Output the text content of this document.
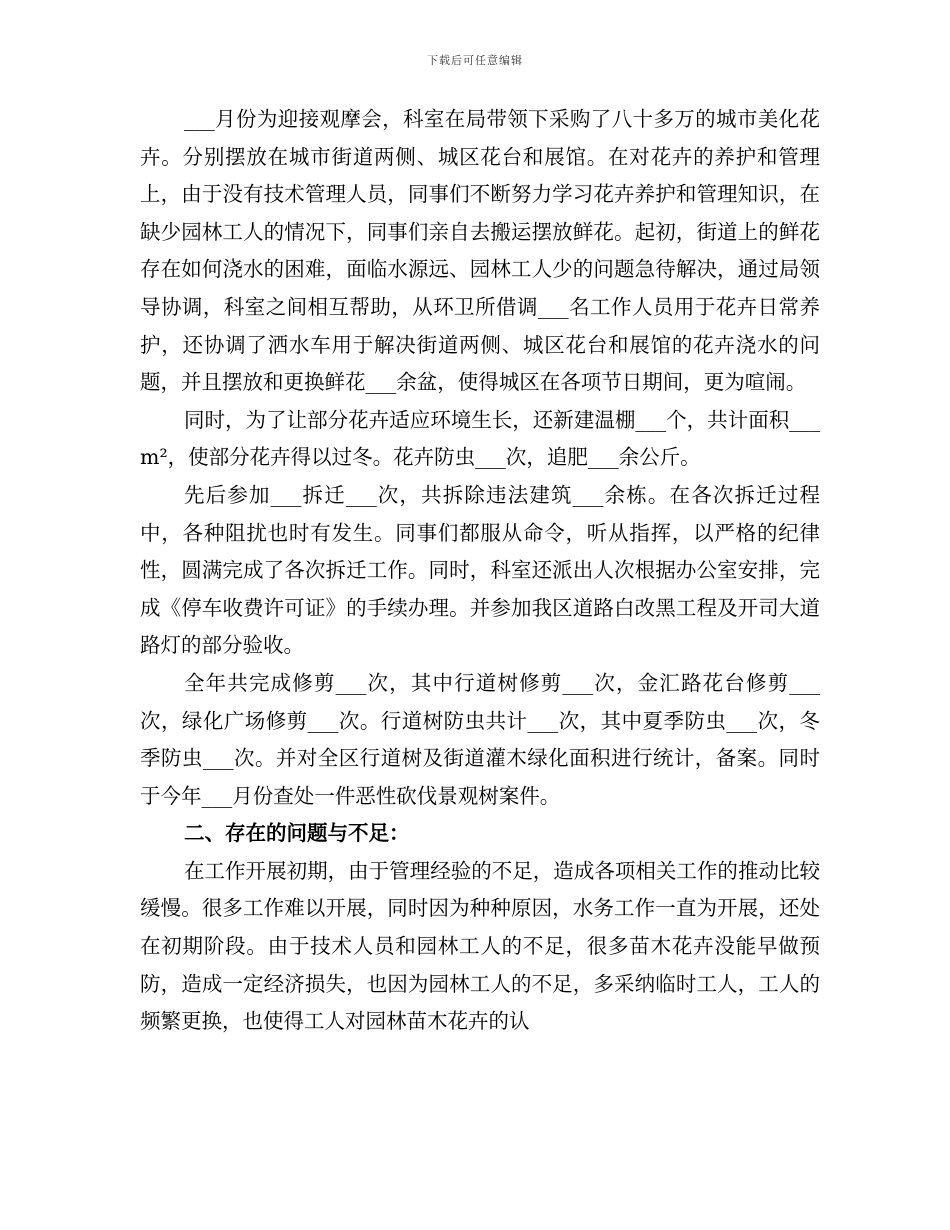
下载后可任意编辑

___月份为迎接观摩会，科室在局带领下采购了八十多万的城市美化花卉。分别摆放在城市街道两侧、城区花台和展馆。在对花卉的养护和管理上，由于没有技术管理人员，同事们不断努力学习花卉养护和管理知识，在缺少园林工人的情况下，同事们亲自去搬运摆放鲜花。起初，街道上的鲜花存在如何浇水的困难，面临水源远、园林工人少的问题急待解决，通过局领导协调，科室之间相互帮助，从环卫所借调___名工作人员用于花卉日常养护，还协调了洒水车用于解决街道两侧、城区花台和展馆的花卉浇水的问题，并且摆放和更换鲜花___余盆，使得城区在各项节日期间，更为喧闹。

同时，为了让部分花卉适应环境生长，还新建温棚___个，共计面积___m²，使部分花卉得以过冬。花卉防虫___次，追肥___余公斤。

先后参加___拆迁___次，共拆除违法建筑___余栋。在各次拆迁过程中，各种阻扰也时有发生。同事们都服从命令，听从指挥，以严格的纪律性，圆满完成了各次拆迁工作。同时，科室还派出人次根据办公室安排，完成《停车收费许可证》的手续办理。并参加我区道路白改黑工程及开司大道路灯的部分验收。

全年共完成修剪___次，其中行道树修剪___次，金汇路花台修剪___次，绿化广场修剪___次。行道树防虫共计___次，其中夏季防虫___次，冬季防虫___次。并对全区行道树及街道灌木绿化面积进行统计，备案。同时于今年___月份查处一件恶性砍伐景观树案件。

二、存在的问题与不足：

在工作开展初期，由于管理经验的不足，造成各项相关工作的推动比较缓慢。很多工作难以开展，同时因为种种原因，水务工作一直为开展，还处在初期阶段。由于技术人员和园林工人的不足，很多苗木花卉没能早做预防，造成一定经济损失，也因为园林工人的不足，多采纳临时工人，工人的频繁更换，也使得工人对园林苗木花卉的认
